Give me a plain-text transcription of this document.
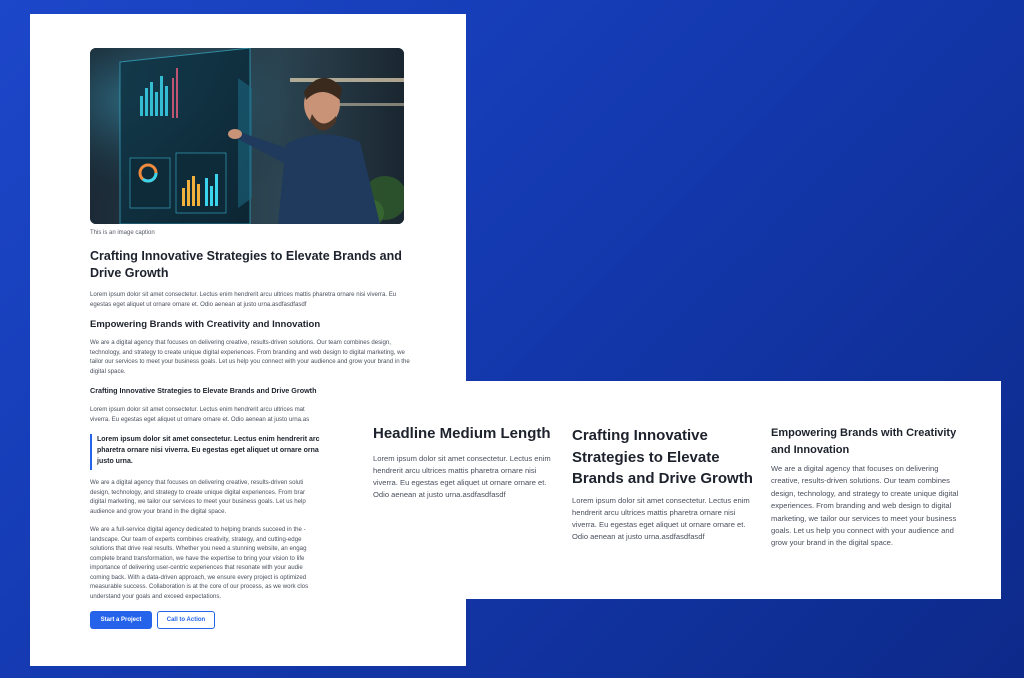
This is an image caption
Crafting Innovative Strategies to Elevate Brands and Drive Growth

Lorem ipsum dolor sit amet consectetur. Lectus enim hendrerit arcu ultrices mattis pharetra ornare nisi viverra. Eu egestas eget aliquet ut ornare ornare et. Odio aenean at justo urna.asdfasdfasdf

Empowering Brands with Creativity and Innovation

We are a digital agency that focuses on delivering creative, results-driven solutions. Our team combines design, technology, and strategy to create unique digital experiences. From branding and web design to digital marketing, we tailor our services to meet your business goals. Let us help you connect with your audience and grow your brand in the digital space.

Crafting Innovative Strategies to Elevate Brands and Drive Growth
Lorem ipsum dolor sit amet consectetur. Lectus enim hendrerit arcu ultrices mat
viverra. Eu egestas eget aliquet ut ornare ornare et. Odio aenean at justo urna.as
Lorem ipsum dolor sit amet consectetur. Lectus enim hendrerit arc
pharetra ornare nisi viverra. Eu egestas eget aliquet ut ornare orna
justo urna.
We are a digital agency that focuses on delivering creative, results-driven soluti
design, technology, and strategy to create unique digital experiences. From brar
digital marketing, we tailor our services to meet your business goals. Let us help
audience and grow your brand in the digital space.
We are a full-service digital agency dedicated to helping brands succeed in the -
landscape. Our team of experts combines creativity, strategy, and cutting-edge
solutions that drive real results. Whether you need a stunning website, an engag
complete brand transformation, we have the expertise to bring your vision to life
importance of delivering user-centric experiences that resonate with your audie
coming back. With a data-driven approach, we ensure every project is optimized
measurable success. Collaboration is at the core of our process, as we work clos
understand your goals and exceed expectations.
Start a Project	Call to Action
Headline Medium Length

Lorem ipsum dolor sit amet consectetur. Lectus enim hendrerit arcu ultrices mattis pharetra ornare nisi viverra. Eu egestas eget aliquet ut ornare ornare et. Odio aenean at justo urna.asdfasdfasdf

Crafting Innovative Strategies to Elevate Brands and Drive Growth

Lorem ipsum dolor sit amet consectetur. Lectus enim hendrerit arcu ultrices mattis pharetra ornare nisi viverra. Eu egestas eget aliquet ut ornare ornare et. Odio aenean at justo urna.asdfasdfasdf

Empowering Brands with Creativity and Innovation

We are a digital agency that focuses on delivering creative, results-driven solutions. Our team combines design, technology, and strategy to create unique digital experiences. From branding and web design to digital marketing, we tailor our services to meet your business goals. Let us help you connect with your audience and grow your brand in the digital space.
